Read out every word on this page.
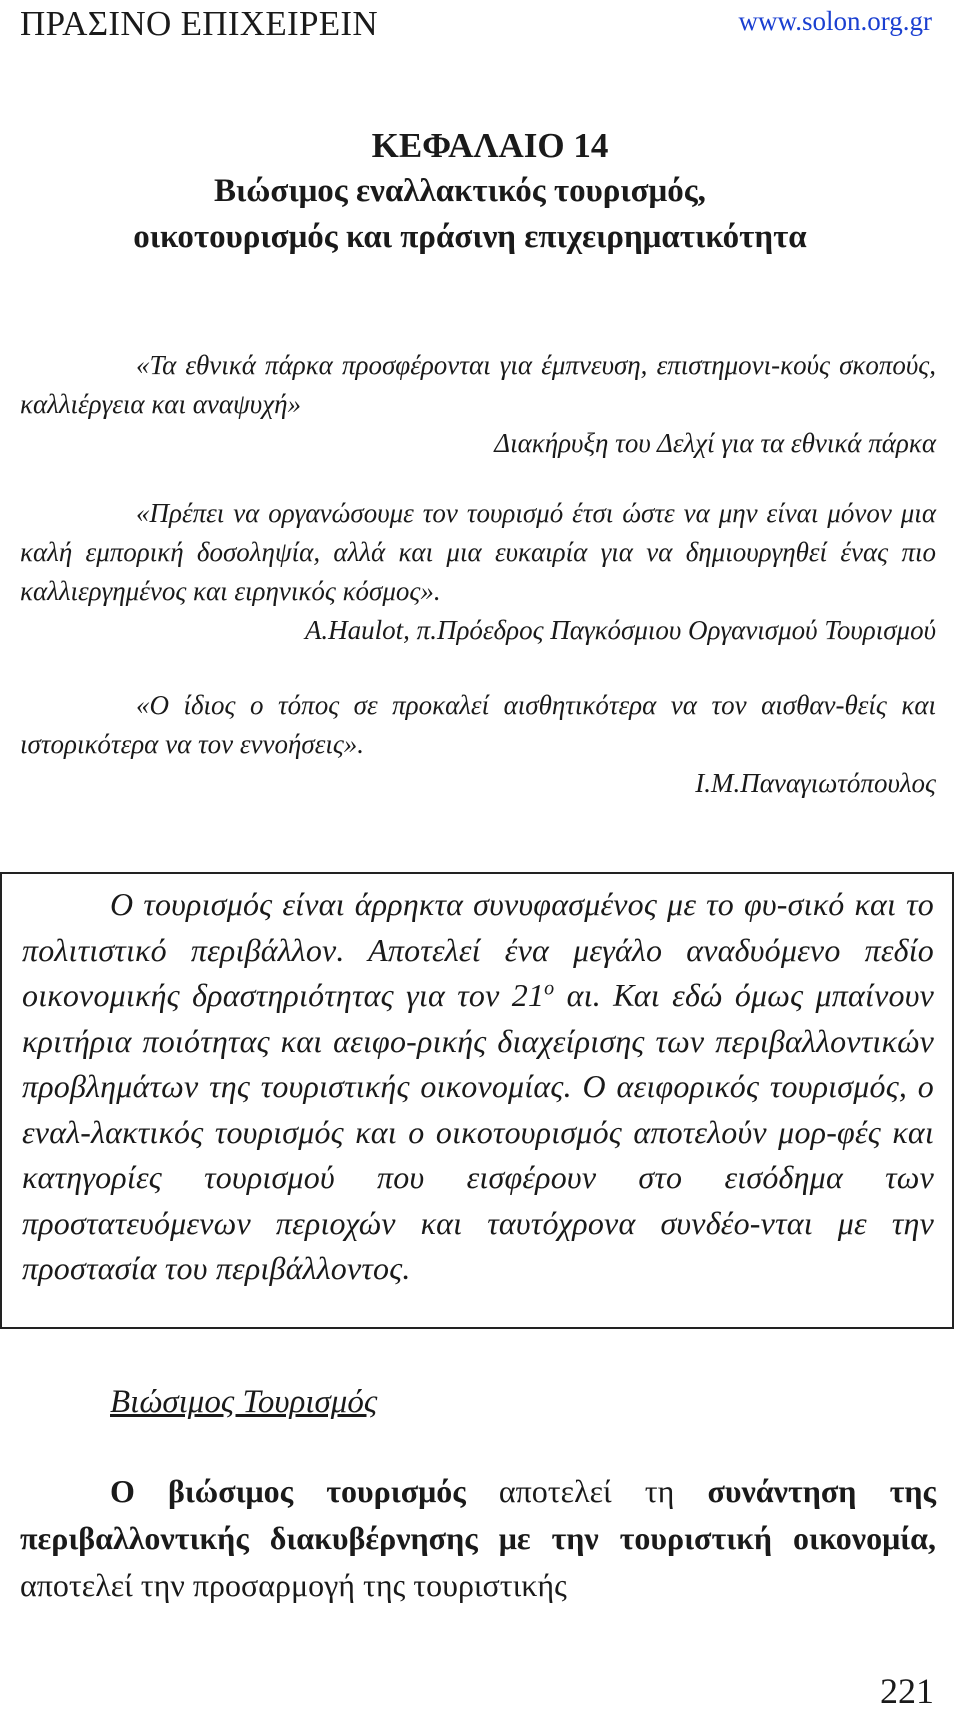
ΠΡΑΣΙΝΟ ΕΠΙΧΕΙΡΕΙΝ	www.solon.org.gr
ΚΕΦΑΛΑΙΟ 14
Βιώσιμος εναλλακτικός τουρισμός,
οικοτουρισμός και πράσινη επιχειρηματικότητα

«Τα εθνικά πάρκα προσφέρονται για έμπνευση, επιστημονι-κούς σκοπούς, καλλιέργεια και αναψυχή»

Διακήρυξη του Δελχί για τα εθνικά πάρκα

«Πρέπει να οργανώσουμε τον τουρισμό έτσι ώστε να μην είναι μόνον μια καλή εμπορική δοσοληψία, αλλά και μια ευκαιρία για να δημιουργηθεί ένας πιο καλλιεργημένος και ειρηνικός κόσμος».

A.Haulot, π.Πρόεδρος Παγκόσμιου Οργανισμού Τουρισμού

«Ο ίδιος ο τόπος σε προκαλεί αισθητικότερα να τον αισθαν-θείς και ιστορικότερα να τον εννοήσεις».

Ι.Μ.Παναγιωτόπουλος

Ο τουρισμός είναι άρρηκτα συνυφασμένος με το φυ-σικό και το πολιτιστικό περιβάλλον. Αποτελεί ένα μεγάλο αναδυόμενο πεδίο οικονομικής δραστηριότητας για τον $21^o$ αι. Και εδώ όμως μπαίνουν κριτήρια ποιότητας και αειφο-ρικής διαχείρισης των περιβαλλοντικών προβλημάτων της τουριστικής οικονομίας. Ο αειφορικός τουρισμός, ο εναλ-λακτικός τουρισμός και ο οικοτουρισμός αποτελούν μορ-φές και κατηγορίες τουρισμού που εισφέρουν στο εισόδημα των προστατευόμενων περιοχών και ταυτόχρονα συνδέο-νται με την προστασία του περιβάλλοντος.

Βιώσιμος Τουρισμός

Ο βιώσιμος τουρισμός αποτελεί τη συνάντηση της περιβαλλοντικής διακυβέρνησης με την τουριστική οικονομία, αποτελεί την προσαρμογή της τουριστικής

221
